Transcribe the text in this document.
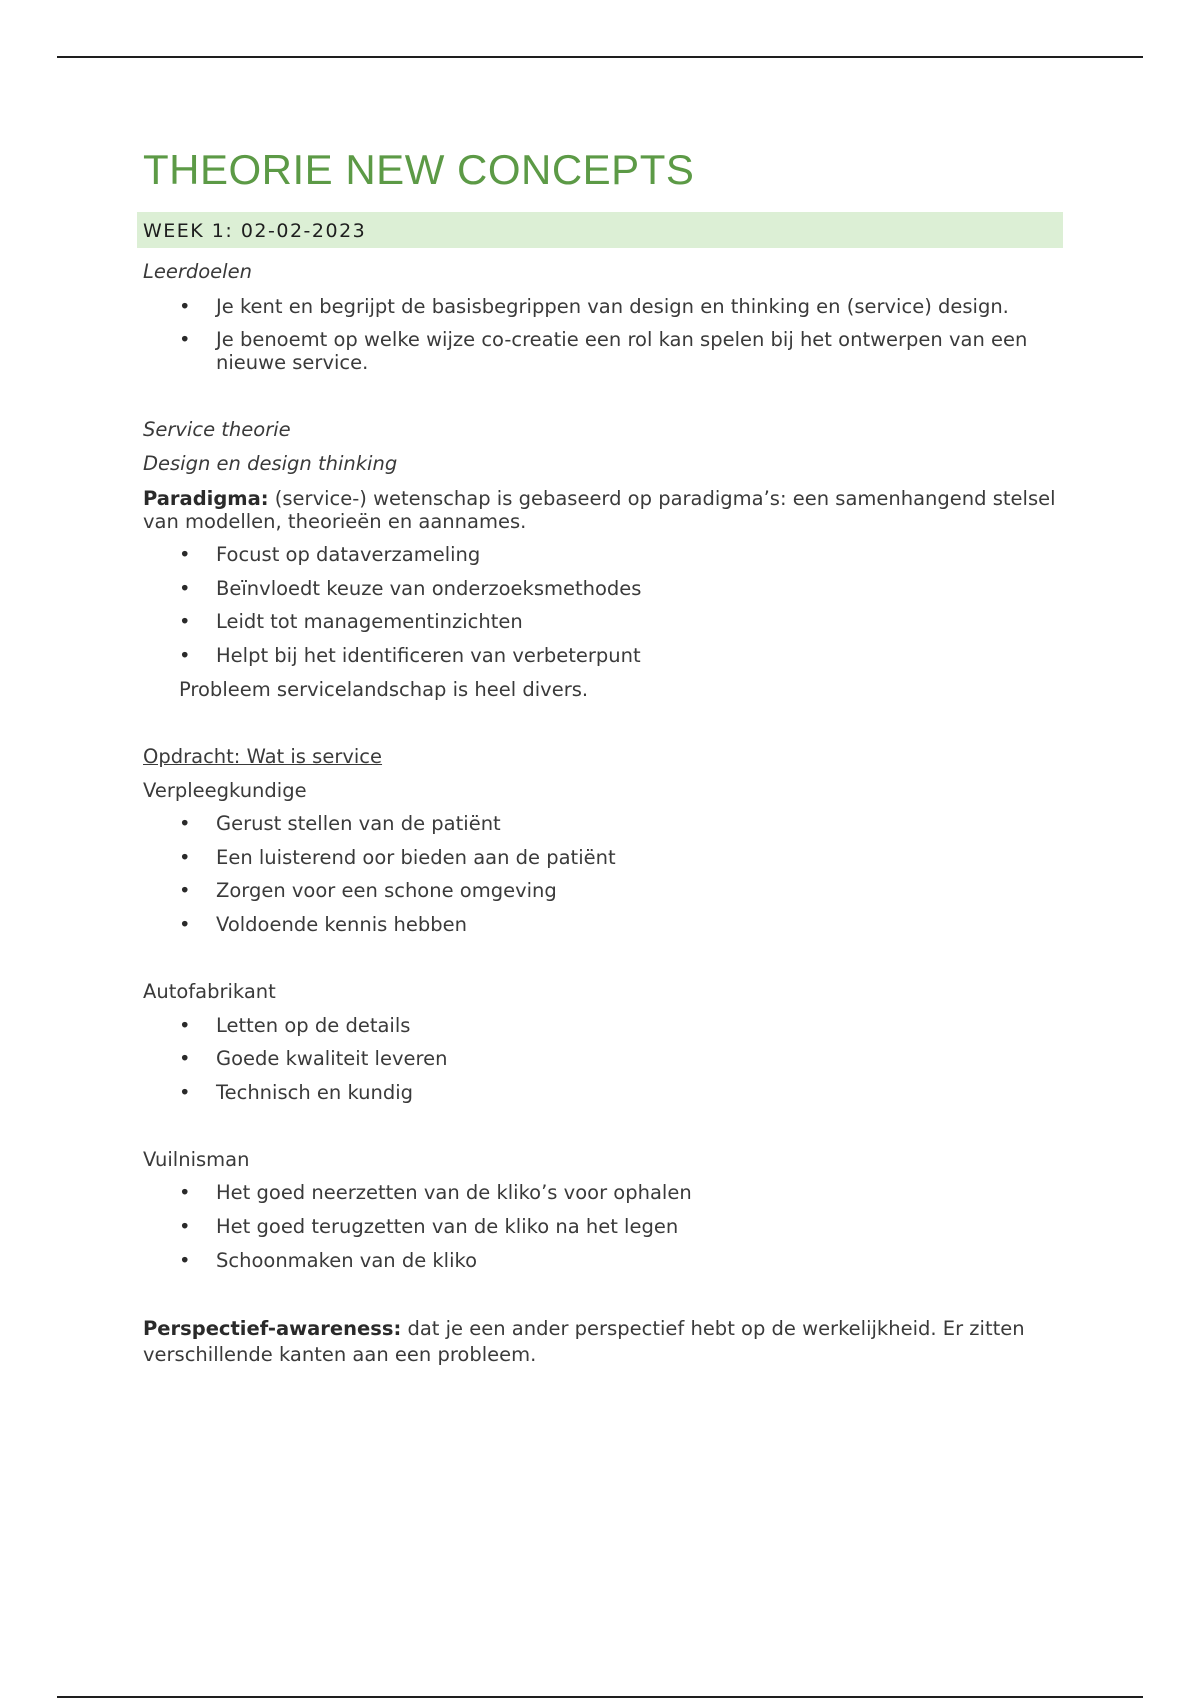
THEORIE NEW CONCEPTS
WEEK 1: 02-02-2023
Leerdoelen
• Je kent en begrijpt de basisbegrippen van design en thinking en (service) design.
• Je benoemt op welke wijze co-creatie een rol kan spelen bij het ontwerpen van een nieuwe service.
Service theorie
Design en design thinking
Paradigma: (service-) wetenschap is gebaseerd op paradigma’s: een samenhangend stelsel van modellen, theorieën en aannames.
• Focust op dataverzameling
• Beïnvloedt keuze van onderzoeksmethodes
• Leidt tot managementinzichten
• Helpt bij het identificeren van verbeterpunt
Probleem servicelandschap is heel divers.
Opdracht: Wat is service
Verpleegkundige
• Gerust stellen van de patiënt
• Een luisterend oor bieden aan de patiënt
• Zorgen voor een schone omgeving
• Voldoende kennis hebben
Autofabrikant
• Letten op de details
• Goede kwaliteit leveren
• Technisch en kundig
Vuilnisman
• Het goed neerzetten van de kliko’s voor ophalen
• Het goed terugzetten van de kliko na het legen
• Schoonmaken van de kliko
Perspectief-awareness: dat je een ander perspectief hebt op de werkelijkheid. Er zitten verschillende kanten aan een probleem.
